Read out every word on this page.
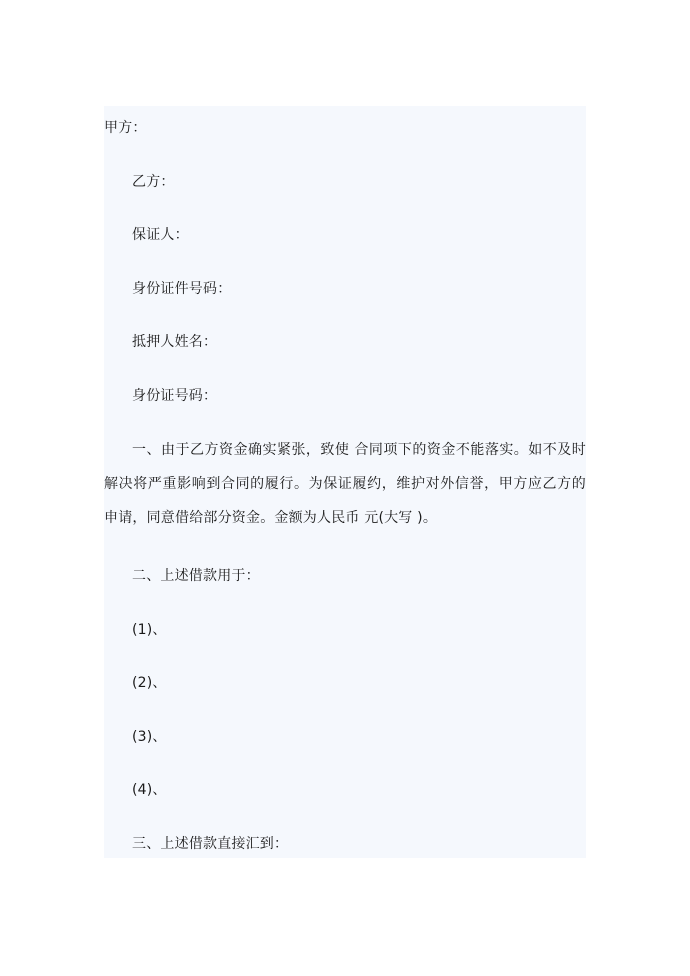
甲方：
乙方：
保证人：
身份证件号码：
抵押人姓名：
身份证号码：
一、由于乙方资金确实紧张，致使 合同项下的资金不能落实。如不及时解决将严重影响到合同的履行。为保证履约，维护对外信誉，甲方应乙方的申请，同意借给部分资金。金额为人民币 元(大写 )。
二、上述借款用于：
(1)、
(2)、
(3)、
(4)、
三、上述借款直接汇到：
